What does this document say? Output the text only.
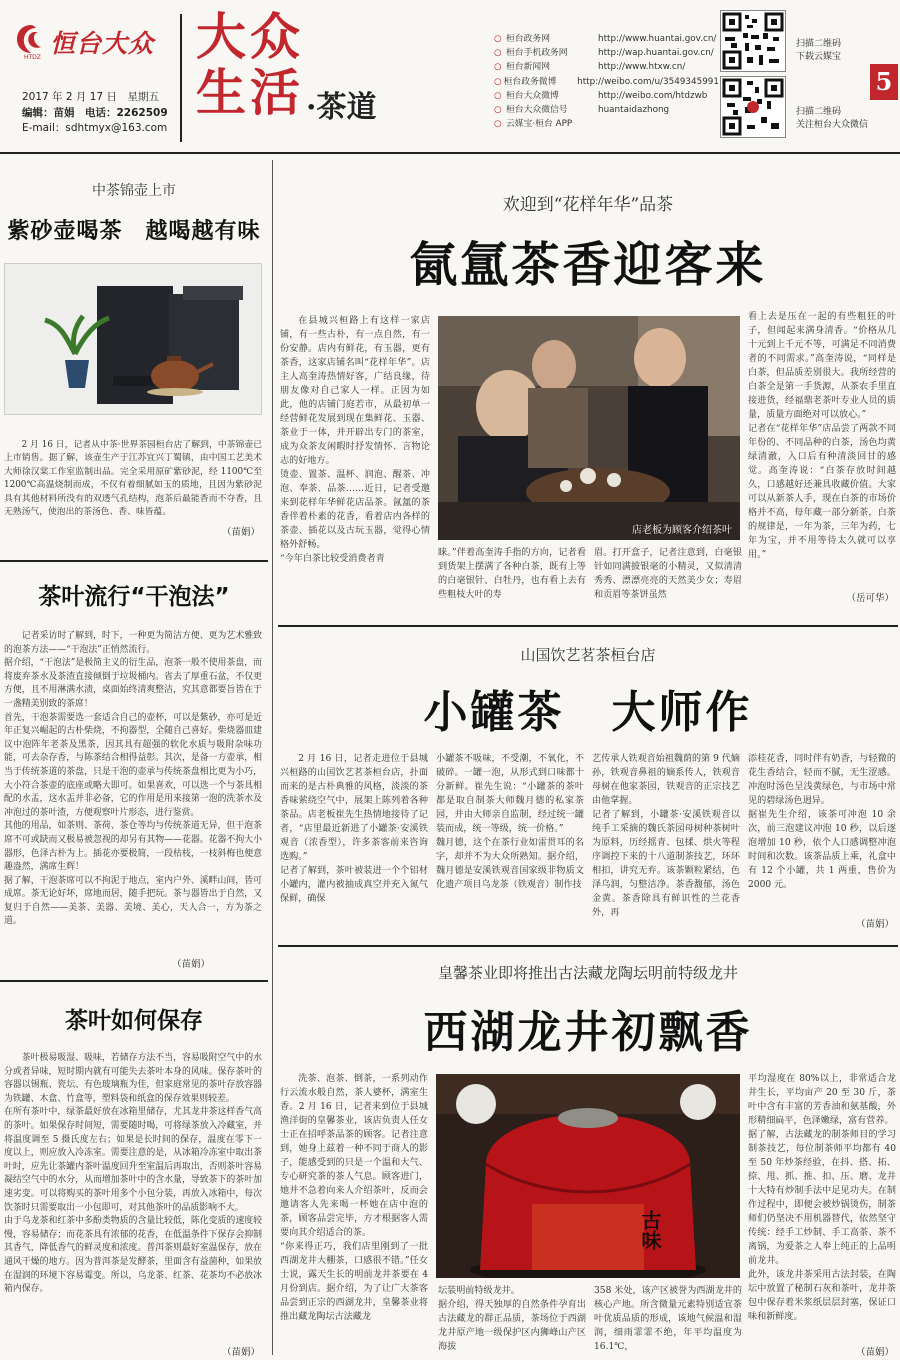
恒台大众
HTDZ
2017 年 2 月 17 日　星期五
编辑：苗娟　电话：2262509
E-mail：sdhtmyx@163.com
大众
生活 ·茶道
○ 桓台政务网	http://www.huantai.gov.cn/
○ 桓台手机政务网	http://wap.huantai.gov.cn/
○ 桓台新闻网	http://www.htxw.cn/
○ 桓台政务微博	http://weibo.com/u/3549345991
○ 桓台大众微博	http://weibo.com/htdzwb
○ 桓台大众微信号	huantaidazhong
○ 云媒宝·桓台 APP
扫描二维码
下载云媒宝
扫描二维码
关注桓台大众微信
5
中茶锦壶上市
紫砂壶喝茶　越喝越有味
2 月 16 日，记者从中茶·世界茶园桓台店了解到，中茶锦壶已上市销售。据了解，该壶生产于江苏宜兴丁蜀镇，由中国工艺美术大师徐汉棠工作室监制出品。完全采用原矿紫砂泥，经 1100℃至 1200℃高温烧制而成，不仅有着细腻如玉的质地，且因为紫砂泥具有其他材料所没有的双透气孔结构，泡茶后最能香而不夺香，且无熟汤气，使泡出的茶汤色、香、味皆蕴。
（苗娟）
茶叶流行“干泡法”
记者采访时了解到，时下，一种更为简洁方便、更为艺术雅致的泡茶方法——“干泡法”正悄然流行。
据介绍，“干泡法”是极简主义的衍生品，泡茶一般不使用茶盘，而将废弃茶水及茶渣直接倾倒于垃圾桶内。省去了厚重石盆，不仅更方便，且不用淋满水渍，桌面始终清爽整洁，究其意都要旨皆在于一盏精美别致的茶席！
首先，干泡茶需要选一套适合自己的壶杯，可以是紫砂，亦可是近年正复兴崛起的古朴柴烧，不拘器型，全随自己喜好。柴烧器皿建议中泡阵年老茶及黑茶，因其具有超强的软化水质与吸附杂味功能，可去杂存香，与陈茶结合相得益彰。其次，是备一方壶承，相当于传统茶道的茶盘，只是干泡的壶承与传统茶盘相比更为小巧，大小符合茶壶的底座或略大即可。如果喜欢，可以选一个与茶具相配的水盂，这水盂并非必备，它的作用是用来接第一泡的洗茶水及冲泡过的茶叶渣，方便观察叶片形态，进行鉴赏。
其他的用品，如茶则、茶荷、茶仓等均与传统茶道无异，但干泡茶席不可或缺而又极易被忽视的却另有其物——花器。花器不拘大小器形，色泽古朴为上。插花亦要极简，一段枯枝，一枝斜梅也便意趣盎然，满席生辉！
据了解，干泡茶席可以不拘泥于地点，室内户外、溪畔山间，皆可成席。茶无论好坏，席地而居，随手把玩。茶与器皆出于自然，又复归于自然——美茶、美器、美境、美心，天人合一，方为茶之道。
（苗娟）
茶叶如何保存
茶叶极易吸湿、吸味，若储存方法不当，容易吸附空气中的水分或者异味，短时期内就有可能失去茶叶本身的风味。保存茶叶的容器以锡瓶、瓷坛、有色玻璃瓶为佳，但家庭常见的茶叶存放容器为铁罐、木盒、竹盒等，塑料袋和纸盒的保存效果则较差。
在所有茶叶中，绿茶最好放在冰箱里储存，尤其龙井茶这样香气高的茶叶。如果保存时间短，需要随时喝，可将绿茶放入冷藏室，并将温度调至 5 摄氏度左右；如果是长时间的保存，温度在零下一度以上，则应放入冷冻室。需要注意的是，从冰箱冷冻室中取出茶叶时，应先让茶罐内茶叶温度回升至室温后再取出，否则茶叶容易凝结空气中的水分，从而增加茶叶中的含水量，导致茶下的茶叶加速劣变。可以将购买的茶叶用多个小包分装，再放入冰箱中，每次饮茶时只需要取出一小包即可，对其他茶叶的品质影响不大。
由于乌龙茶和红茶中多酚类物质的含量比较低，陈化变质的速度较慢，容易储存；而花茶具有浓郁的花香，在低温条件下保存会抑制其香气，降低香气的鲜灵度和浓度。普洱茶则最好室温保存，放在通风干燥的地方。因为普洱茶是发酵茶，里面含有益菌种，如果放在湿润的环境下容易霉变。所以，乌龙茶、红茶、花茶均不必放冰箱内保存。
（苗娟）
欢迎到“花样年华”品茶
氤氲茶香迎客来
在县城兴桓路上有这样一家店铺，有一些古朴，有一点自然，有一份安静。店内有鲜花，有玉器，更有茶香，这家店铺名叫“花样年华”。店主人高奎涛热情好客，广结良缘，待朋友像对自己家人一样。正因为如此，他的店铺门庭若市，从最初单一经营鲜花发展到现在集鲜花、玉器、茶业于一体，并开辟出专门的茶室，成为众茶友闲暇时抒发情怀、言物论志的好地方。
烫壶、置茶、温杯、润泡、醒茶、冲泡、奉茶、品茶……近日，记者受邀来到花样年华鲜花店品茶。氤氲的茶香伴着朴素的花香，看着店内各样的茶壶、插花以及古玩玉器，觉得心情格外舒畅。
“今年白茶比较受消费者青
店老板为顾客介绍茶叶
睐。”伴着高奎涛手指的方向，记者看到货架上摆满了各种白茶，既有上等的白毫银针、白牡丹，也有看上去有些粗枝大叶的寿
眉。打开盒子，记者注意到，白毫银针如同满披银毫的小精灵，又似清清秀秀、漂漂亮亮的天然美少女；寿眉和贡眉等茶饼虽然
看上去是压在一起的有些粗狂的叶子，但闻起来满身清香。“价格从几十元到上千元不等，可满足不同消费者的不同需求。”高奎涛说，“同样是白茶，但品质差别很大。我所经营的白茶全是第一手货源，从茶农手里直接进货，经福鼎老茶叶专业人员的质量，质量方面绝对可以放心。”
记者在“花样年华”店品尝了两款不同年份的、不同品种的白茶，汤色均黄绿清澈，入口后有种清淡回甘的感觉。高奎涛说：“白茶存放时间越久，口感越好还兼具收藏价值。大家可以从新茶人手，现在白茶的市场价格并不高，每年藏一部分新茶，白茶的规律是，一年为茶，三年为药，七年为宝，并不用等待太久就可以享用。”
（岳可华）
山国饮艺茗茶桓台店
小罐茶　大师作
2 月 16 日，记者走进位于县城兴桓路的山国饮艺茗茶桓台店，扑面而来的是古朴典雅的风格，淡淡的茶香味萦绕空气中，展架上陈列着各种茶品。店老板崔先生热情地接待了记者，“店里最近新进了小罐茶·安溪铁观音（浓香型），许多茶客前来咨询选购。”
记者了解到，茶叶被装进一个个铝材小罐内，灌内被抽成真空并充入氮气保鲜，确保
小罐茶不吸味，不受潮，不氧化，不破碎。一罐一泡，从形式到口味都十分新鲜。崔先生说：“小罐茶的茶叶都是取自制茶大师魏月德的私家茶园，并由大师亲自监制，经过统一罐装而成，统一等级，统一价格。”
魏月德，这个在茶行业如雷贯耳的名字，却并不为大众所熟知。据介绍，魏月德是安溪铁观音国家级非物质文化遗产项目乌龙茶（铁观音）制作技
艺传承人铁观音始祖魏荫的第 9 代嫡孙，铁观音鼻祖的嫡系传人，铁观音母树在他家茶园，铁观音的正宗技艺由他掌握。
记者了解到，小罐茶·安溪铁观音以纯手工采摘的魏氏茶园母树种茶树叶为原料，历经摇青、包揉、烘火等程序调控下来的十八道制茶技艺，环环相扣，讲究无弃。该茶颗粒紧结，色泽乌润，匀整洁净。茶香馥郁，汤色金黄。茶香除具有鲜识性的兰花香外，再
添桂花香，同时伴有奶香，与轻微的花生香结合，轻而不腻，无生涩感。冲泡时汤色呈浅黄绿色，与市场中常见的碧绿汤色迥异。
据崔先生介绍，该茶可冲泡 10 余次，前三泡建议冲泡 10 秒，以后逐泡增加 10 秒，依个人口感调整冲泡时间和次数。该茶品质上乘，礼盒中有 12 个小罐，共 1 两重，售价为 2000 元。
（苗娟）
皇馨茶业即将推出古法藏龙陶坛明前特级龙井
西湖龙井初飘香
洗茶、泡茶、倒茶，一系列动作行云流水般自然，茶人婆杯，满室生香。2 月 16 日，记者来到位于县城渔洋街的皇馨茶业，该店负责人任女士正在招呼茶品茶的顾客。记者注意到，她身上兹着一种不同于商人的影子，能感受到的只是一个温和大气、专心研究茶的茶人气息。顾客进门，她并不急着向来人介绍茶叶，反而会邀请客人先来喝一杯她在店中泡的茶，顾客品尝完毕，方才根据客人需要向其介绍适合的茶。
“你来得正巧，我们店里刚到了一批西湖龙井大棚茶，口感很不错。”任女士说，露天生长的明前龙井茶要在 4 月份到店。据介绍，为了让广大茶客品尝到正宗的西湖龙井，皇馨茶业将推出藏龙陶坛古法藏龙
古味
坛装明前特级龙井。
据介绍，得天独厚的自然条件孕育出古法藏龙的群正品质，茶场位于西湖龙井原产地一级保护区内狮峰山产区海拔
358 米处，该产区被誉为西湖龙井的核心产地。所含微量元素特别适宜茶叶优质品质的形成，该地气候温和湿润，细雨霏霏不绝，年平均温度为 16.1℃，
平均湿度在 80%以上，非常适合龙井生长，平均亩产 20 至 30 斤，茶叶中含有丰富的芳香油和氨基酸，外形精细扁平，色泽嫩绿，富有营养。
据了解，古法藏龙的制茶师目的学习制茶技艺，每位制茶师平均都有 40 至 50 年炒茶经验，在抖、搭、拓、捺、甩、抓、推、扣、压、磨、龙井十大特有炒制手法中足见功夫。在制作过程中，即便会被炒锅烫伤，制茶师们仍坚决不用机器替代，依然坚守传统：经手工炒制、手工高茶、茶不离锅，为爱茶之人奉上纯正的上品明前龙井。
此外，该龙井茶采用古法封装，在陶坛中放置了秘制石灰和茶叶，龙井茶包中保存着米浆纸层层封塞，保证口味和新鲜度。
（苗娟）
